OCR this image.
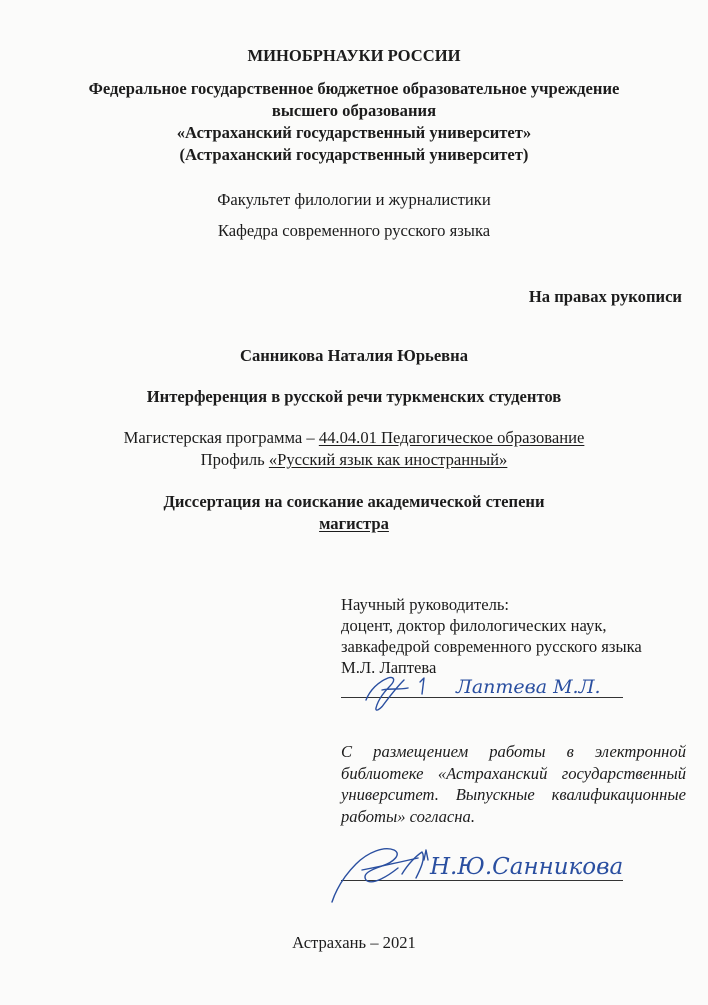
МИНОБРНАУКИ РОССИИ
Федеральное государственное бюджетное образовательное учреждение
высшего образования
«Астраханский государственный университет»
(Астраханский государственный университет)
Факультет филологии и журналистики
Кафедра современного русского языка
На правах рукописи
Санникова Наталия Юрьевна
Интерференция в русской речи туркменских студентов
Магистерская программа – 44.04.01 Педагогическое образование
Профиль «Русский язык как иностранный»
Диссертация на соискание академической степени
магистра
Научный руководитель:
доцент, доктор филологических наук,
завкафедрой современного русского языка
М.Л. Лаптева
Лаптева М.Л.
С размещением работы в электронной
библиотеке «Астраханский государственный
университет. Выпускные квалификационные
работы» согласна.
Н.Ю.Санникова
Астрахань – 2021
